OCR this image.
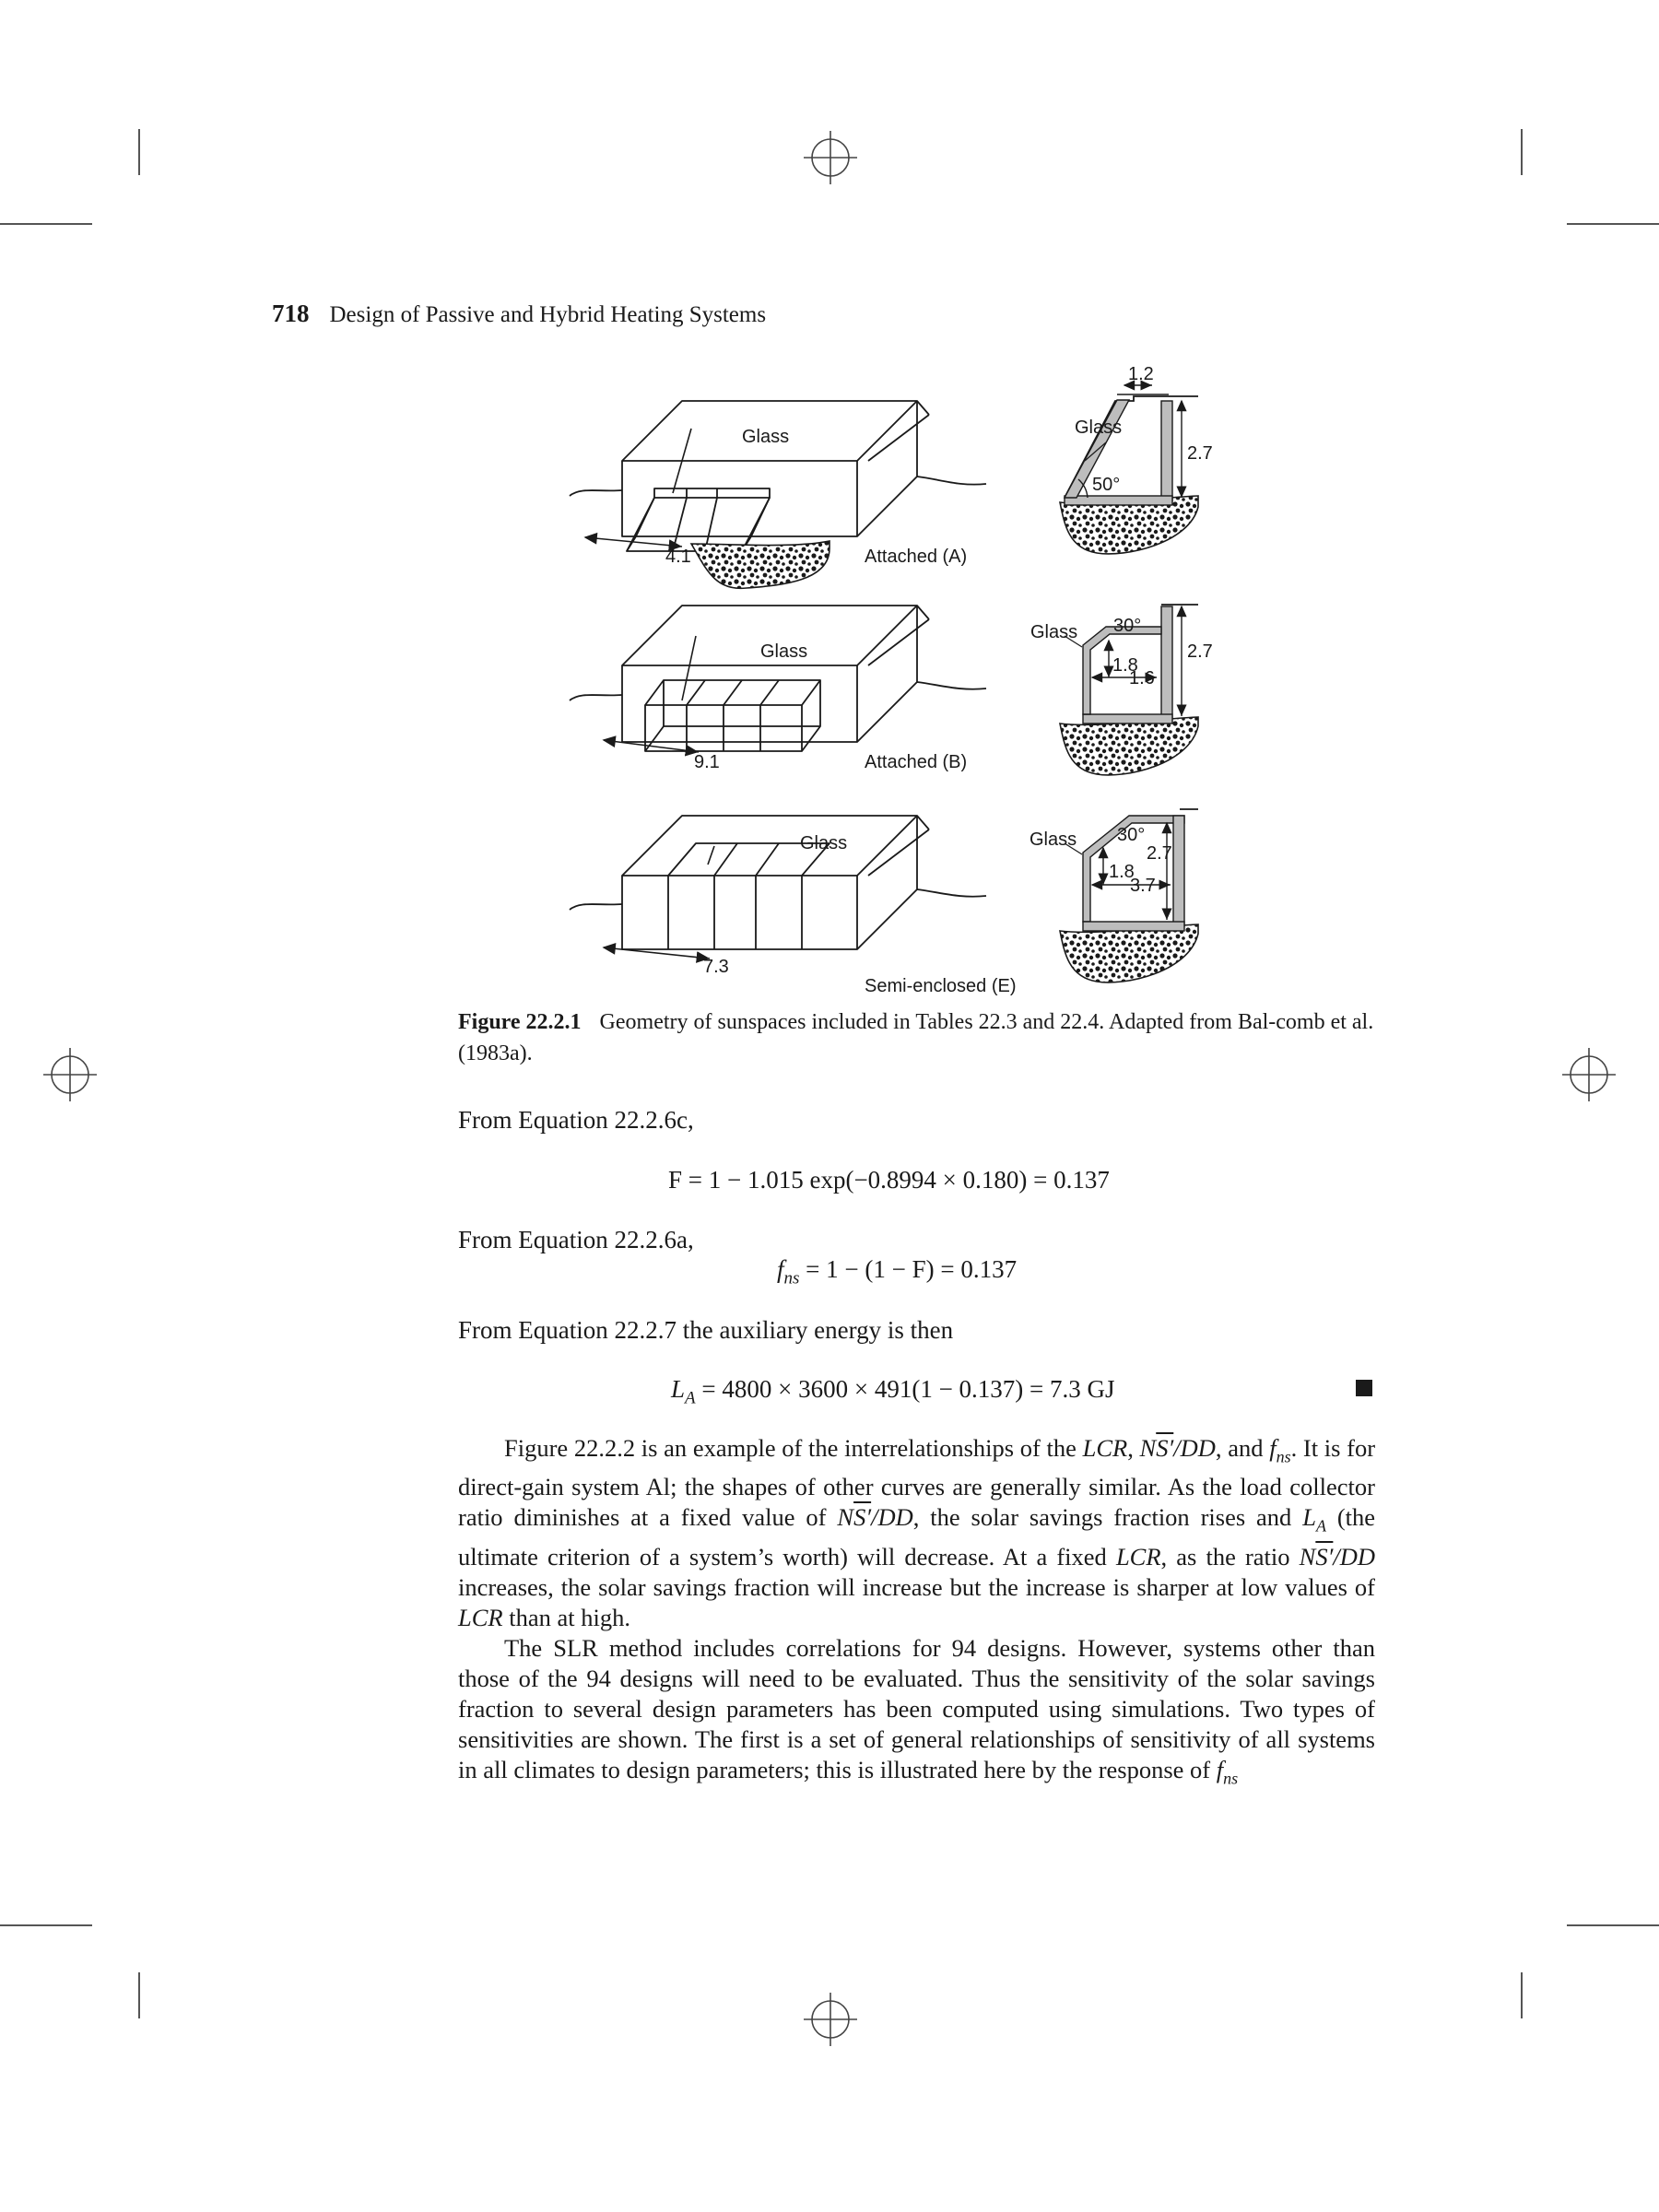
718 Design of Passive and Hybrid Heating Systems
Glass
4.1	Attached (A)
Glass
1.2
2.7
50°
Glass
9.1	Attached (B)
Glass 30°
1.8
1.6
2.7
Glass
7.3
Semi-enclosed (E)
Glass 30°
1.8
3.7
2.7
Figure 22.2.1 Geometry of sunspaces included in Tables 22.3 and 22.4. Adapted from Bal-comb et al. (1983a).
From Equation 22.2.6c,
F = 1 − 1.015 exp(−0.8994 × 0.180) = 0.137
From Equation 22.2.6a,
$f_{ns} = 1 - (1 - F) = 0.137$
From Equation 22.2.7 the auxiliary energy is then
$L_A = 4800 \times 3600 \times 491(1 - 0.137) = 7.3$ GJ

Figure 22.2.2 is an example of the interrelationships of the LCR, NS′/DD, and $f_{ns}$. It is for direct-gain system Al; the shapes of other curves are generally similar. As the load collector ratio diminishes at a fixed value of NS′/DD, the solar savings fraction rises and $L_A$ (the ultimate criterion of a system’s worth) will decrease. At a fixed LCR, as the ratio NS′/DD increases, the solar savings fraction will increase but the increase is sharper at low values of LCR than at high.

The SLR method includes correlations for 94 designs. However, systems other than those of the 94 designs will need to be evaluated. Thus the sensitivity of the solar savings fraction to several design parameters has been computed using simulations. Two types of sensitivities are shown. The first is a set of general relationships of sensitivity of all systems in all climates to design parameters; this is illustrated here by the response of $f_{ns}$
